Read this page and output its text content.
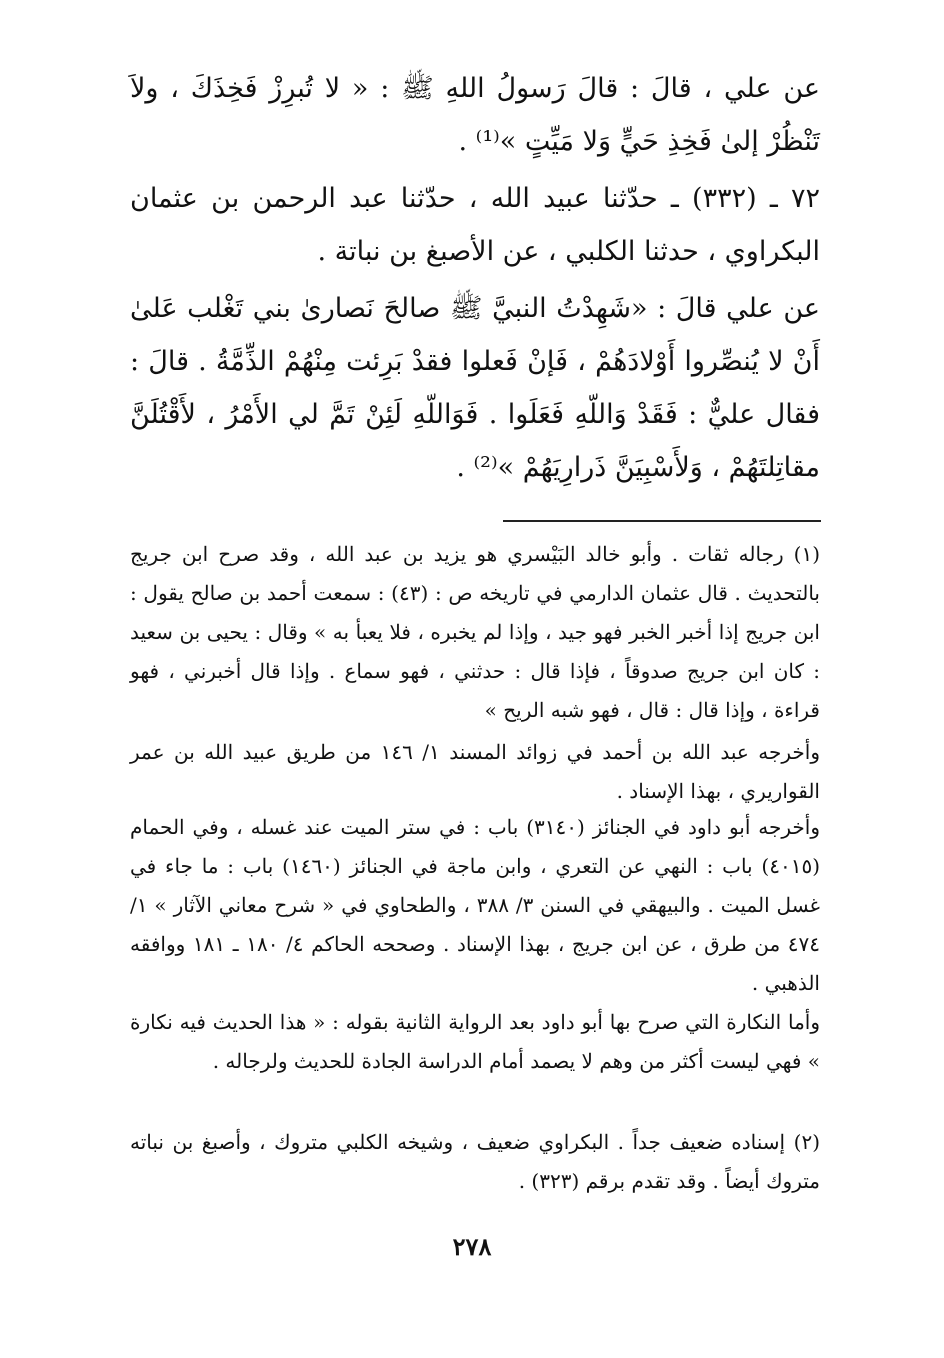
عن علي ، قالَ : قالَ رَسولُ اللهِ ﷺ : « لا تُبرِزْ فَخِذَكَ ، ولاَ تَنْظُرْ إلىٰ فَخِذِ حَيٍّ وَلا مَيِّتٍ »⁽¹⁾ .
٧٢ ـ (٣٣٢) ـ حدّثنا عبيد الله ، حدّثنا عبد الرحمن بن عثمان البكراوي ، حدثنا الكلبي ، عن الأصبغ بن نباتة .
عن علي قالَ : «شَهِدْتُ النبيَّ ﷺ صالحَ نَصارىٰ بني تَغْلب عَلىٰ أَنْ لا يُنصِّروا أَوْلادَهُمْ ، فَإنْ فَعلوا فقدْ بَرِئت مِنْهُمْ الذِّمَّةُ . قالَ : فقال عليٌّ : فَقَدْ وَاللّهِ فَعَلَوا . فَوَاللّهِ لَئِنْ تَمَّ لي الأَمْرُ ، لأَقْتُلَنَّ مقاتِلتَهُمْ ، وَلأَسْبِيَنَّ ذَرارِيَهُمْ »⁽²⁾ .
(١) رجاله ثقات . وأبو خالد البَيْسري هو يزيد بن عبد الله ، وقد صرح ابن جريج بالتحديث . قال عثمان الدارمي في تاريخه ص : (٤٣) : سمعت أحمد بن صالح يقول : ابن جريج إذا أخبر الخبر فهو جيد ، وإذا لم يخبره ، فلا يعبأ به » وقال : يحيى بن سعيد : كان ابن جريج صدوقاً ، فإذا قال : حدثني ، فهو سماع . وإذا قال أخبرني ، فهو قراءة ، وإذا قال : قال ، فهو شبه الريح »
وأخرجه عبد الله بن أحمد في زوائد المسند ١/ ١٤٦ من طريق عبيد الله بن عمر القواريري ، بهذا الإسناد .
وأخرجه أبو داود في الجنائز (٣١٤٠) باب : في ستر الميت عند غسله ، وفي الحمام (٤٠١٥) باب : النهي عن التعري ، وابن ماجة في الجنائز (١٤٦٠) باب : ما جاء في غسل الميت . والبيهقي في السنن ٣/ ٣٨٨ ، والطحاوي في « شرح معاني الآثار » ١/ ٤٧٤ من طرق ، عن ابن جريج ، بهذا الإسناد . وصححه الحاكم ٤/ ١٨٠ ـ ١٨١ ووافقه الذهبي .
وأما النكارة التي صرح بها أبو داود بعد الرواية الثانية بقوله : « هذا الحديث فيه نكارة » فهي ليست أكثر من وهم لا يصمد أمام الدراسة الجادة للحديث ولرجاله .
(٢) إسناده ضعيف جداً . البكراوي ضعيف ، وشيخه الكلبي متروك ، وأصبغ بن نباته متروك أيضاً . وقد تقدم برقم (٣٢٣) .
٢٧٨
